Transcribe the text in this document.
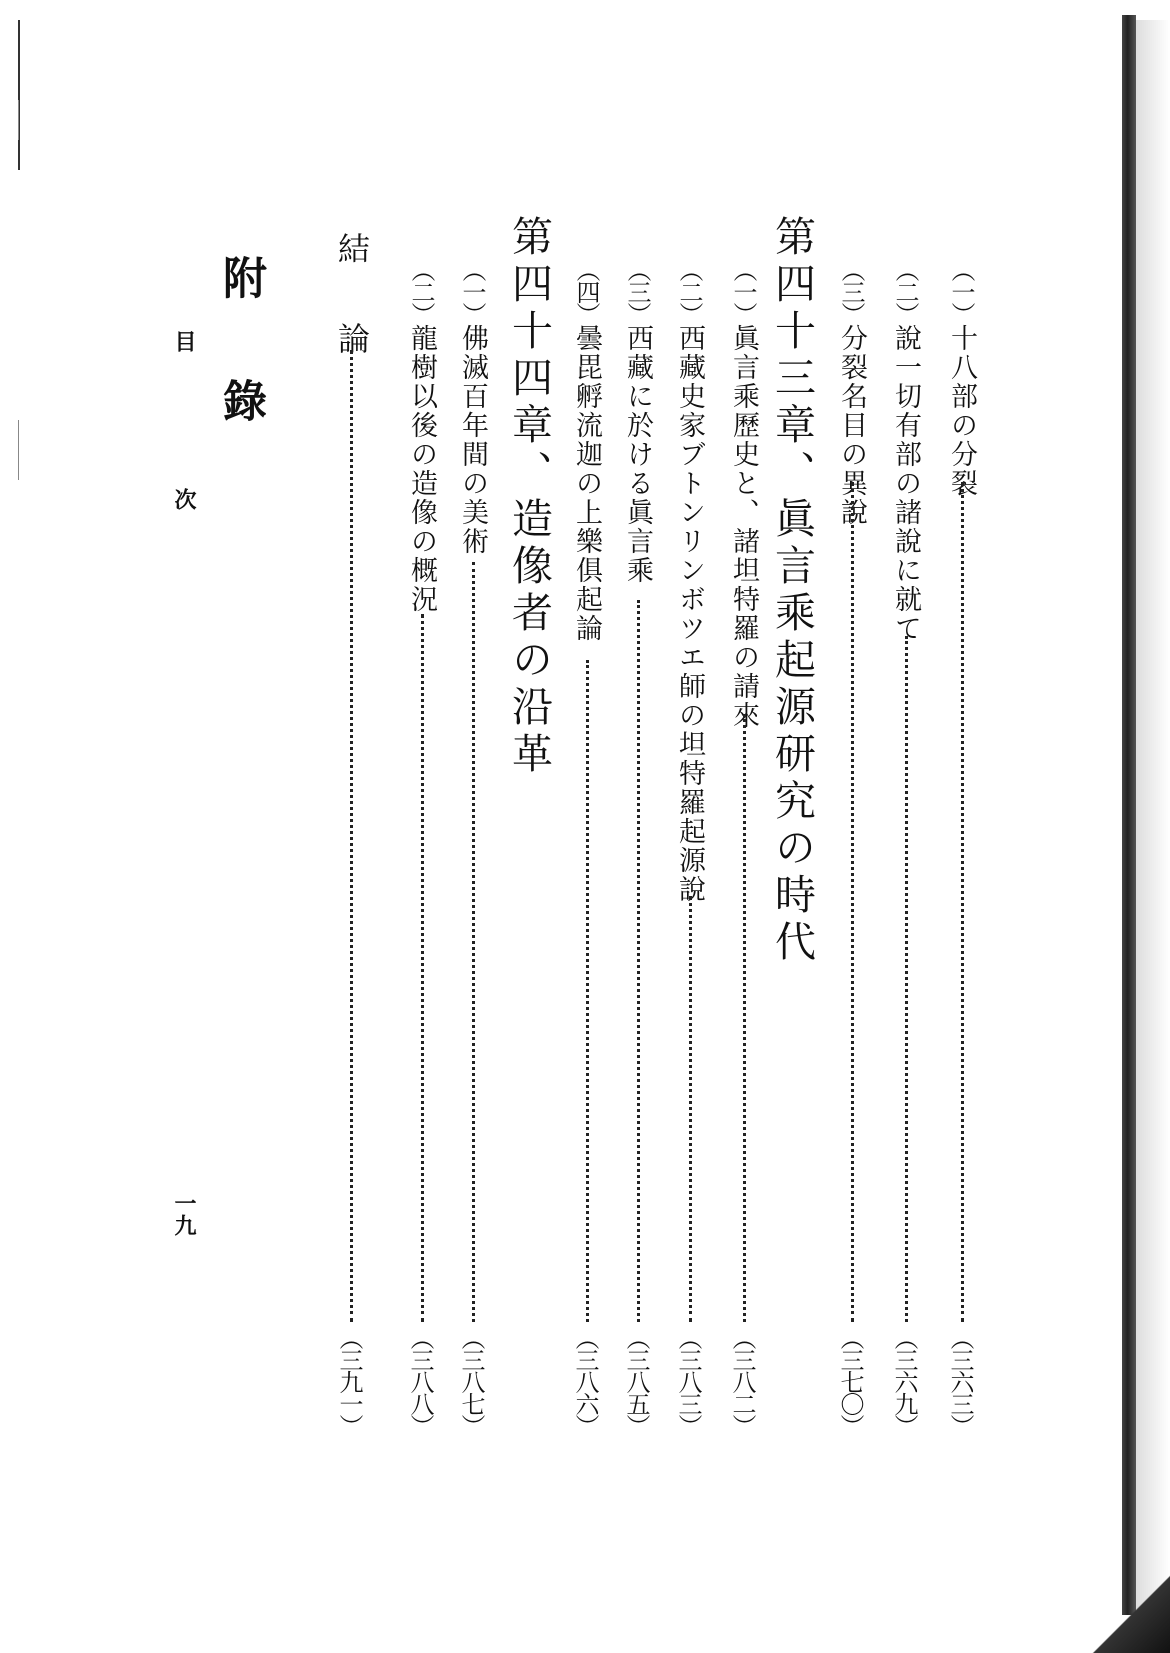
（一）十八部の分裂
（三六三）
（二）說一切有部の諸說に就て
（三六九）
（三）分裂名目の異說
（三七〇）
第四十三章、眞言乘起源研究の時代
（一）眞言乘歷史と、諸坦特羅の請來
（三八二）
（二）西藏史家ブトンリンボツエ師の坦特羅起源說
（三八三）
（三）西藏に於ける眞言乘
（三八五）
（四）曇毘孵流迦の上樂俱起論
（三八六）
第四十四章、造像者の沿革
（一）佛滅百年間の美術
（三八七）
（二）龍樹以後の造像の概況
（三八八）
結
論
（三九一）
附
錄
目
次
一九
